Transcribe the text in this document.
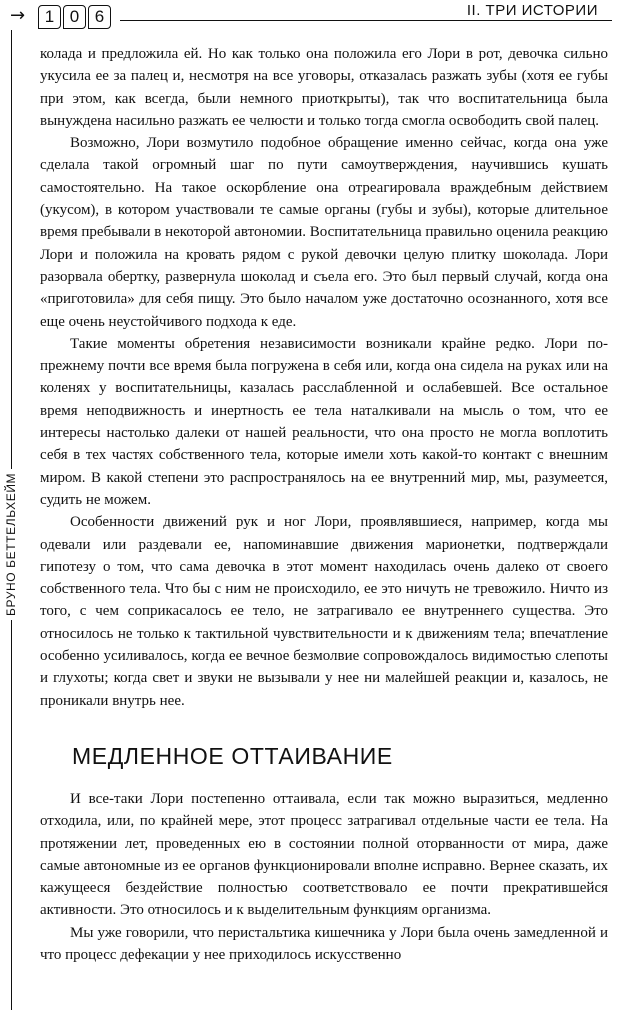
→	1 0 6	II. ТРИ ИСТОРИИ
БРУНО БЕТТЕЛЬХЕЙМ

колада и предложила ей. Но как только она положила его Лори в рот, девочка сильно укусила ее за палец и, несмотря на все уговоры, отказалась разжать зубы (хотя ее губы при этом, как всегда, были немного приоткрыты), так что воспитательница была вынуждена насильно разжать ее челюсти и только тогда смогла освободить свой палец.

Возможно, Лори возмутило подобное обращение именно сейчас, когда она уже сделала такой огромный шаг по пути самоутверждения, научившись кушать самостоятельно. На такое оскорбление она отреагировала враждебным действием (укусом), в котором участвовали те самые органы (губы и зубы), которые длительное время пребывали в некоторой автономии. Воспитательница правильно оценила реакцию Лори и положила на кровать рядом с рукой девочки целую плитку шоколада. Лори разорвала обертку, развернула шоколад и съела его. Это был первый случай, когда она «приготовила» для себя пищу. Это было началом уже достаточно осознанного, хотя все еще очень неустойчивого подхода к еде.

Такие моменты обретения независимости возникали крайне редко. Лори по-прежнему почти все время была погружена в себя или, когда она сидела на руках или на коленях у воспитательницы, казалась расслабленной и ослабевшей. Все остальное время неподвижность и инертность ее тела наталкивали на мысль о том, что ее интересы настолько далеки от нашей реальности, что она просто не могла воплотить себя в тех частях собственного тела, которые имели хоть какой-то контакт с внешним миром. В какой степени это распространялось на ее внутренний мир, мы, разумеется, судить не можем.

Особенности движений рук и ног Лори, проявлявшиеся, например, когда мы одевали или раздевали ее, напоминавшие движения марионетки, подтверждали гипотезу о том, что сама девочка в этот момент находилась очень далеко от своего собственного тела. Что бы с ним не происходило, ее это ничуть не тревожило. Ничто из того, с чем соприкасалось ее тело, не затрагивало ее внутреннего существа. Это относилось не только к тактильной чувствительности и к движениям тела; впечатление особенно усиливалось, когда ее вечное безмолвие сопровождалось видимостью слепоты и глухоты; когда свет и звуки не вызывали у нее ни малейшей реакции и, казалось, не проникали внутрь нее.

МЕДЛЕННОЕ ОТТАИВАНИЕ

И все-таки Лори постепенно оттаивала, если так можно выразиться, медленно отходила, или, по крайней мере, этот процесс затрагивал отдельные части ее тела. На протяжении лет, проведенных ею в состоянии полной оторванности от мира, даже самые автономные из ее органов функционировали вполне исправно. Вернее сказать, их кажущееся бездействие полностью соответствовало ее почти прекратившейся активности. Это относилось и к выделительным функциям организма.

Мы уже говорили, что перистальтика кишечника у Лори была очень замедленной и что процесс дефекации у нее приходилось искусственно
